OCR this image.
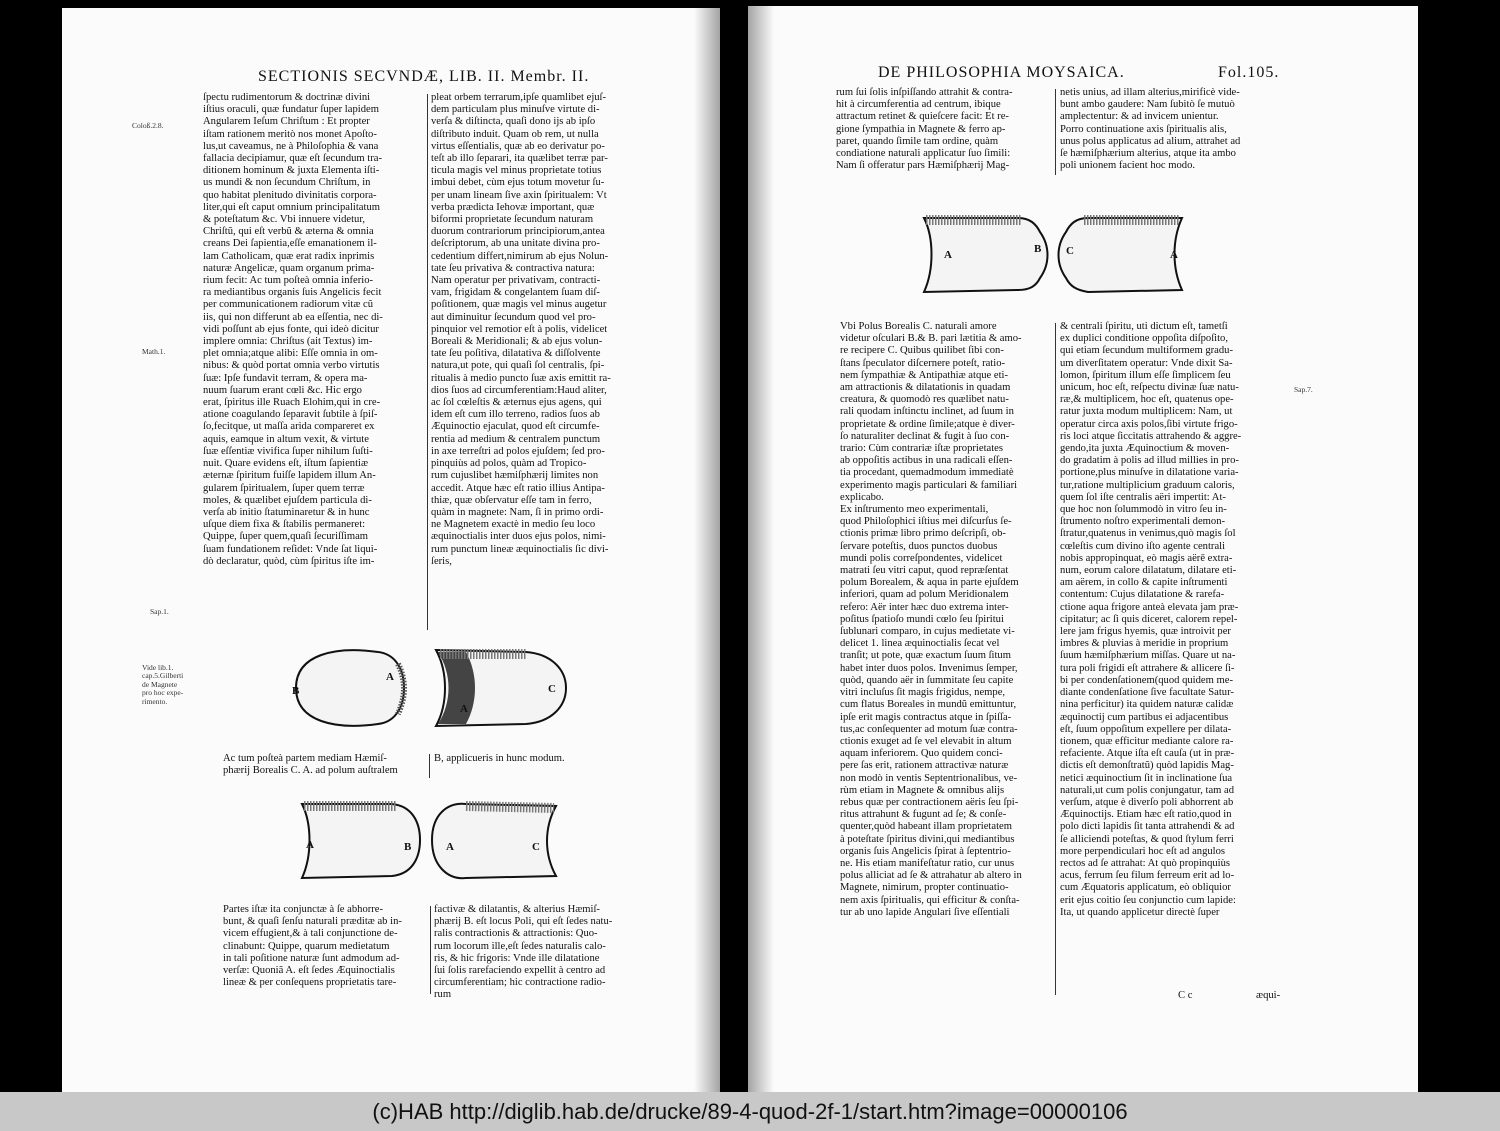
SECTIONIS SECVNDÆ, LIB. II. Membr. II.
Coloß.2.8.
Math.1.
Sap.1.
Vide lib.1.
cap.5.Gilberti
de Magnete
pro hoc expe-
rimento.
ſpectu rudimentorum & doctrinæ divini
iſtius oraculi, quæ fundatur ſuper lapidem
Angularem Ieſum Chriſtum : Et propter
iſtam rationem meritò nos monet Apoſto-
lus,ut caveamus, ne à Philoſophia & vana
fallacia decipiamur, quæ eſt ſecundum tra-
ditionem hominum & juxta Elementa iſti-
us mundi & non ſecundum Chriſtum, in
quo habitat plenitudo divinitatis corpora-
liter,qui eſt caput omnium principalitatum
& poteſtatum &c. Vbi innuere videtur,
Chriſtũ, qui eſt verbũ & æterna & omnia
creans Dei ſapientia,eſſe emanationem il-
lam Catholicam, quæ erat radix inprimis
naturæ Angelicæ, quam organum prima-
rium fecit: Ac tum poſteà omnia inferio-
ra mediantibus organis ſuis Angelicis fecit
per communicationem radiorum vitæ cũ
iis, qui non differunt ab ea eſſentia, nec di-
vidi poſſunt ab ejus fonte, qui ideò dicitur
implere omnia: Chriſtus (ait Textus) im-
plet omnia;atque alibi: Eſſe omnia in om-
nibus: & quòd portat omnia verbo virtutis
ſuæ: Ipſe fundavit terram, & opera ma-
nuum ſuarum erant cœli &c. Hic ergo
erat, ſpiritus ille Ruach Elohim,qui in cre-
atione coagulando ſeparavit ſubtile à ſpiſ-
ſo,fecitque, ut maſſa arida compareret ex
aquis, eamque in altum vexit, & virtute
ſuæ eſſentiæ vivifica ſuper nihilum ſuſti-
nuit. Quare evidens eſt, iſtum ſapientiæ
æternæ ſpiritum fuiſſe lapidem illum An-
gularem ſpiritualem, ſuper quem terræ
moles, & quælibet ejuſdem particula di-
verſa ab initio ſtatuminaretur & in hunc
uſque diem fixa & ſtabilis permaneret:
Quippe, ſuper quem,quaſi ſecuriſſimam
ſuam fundationem reſidet: Vnde ſat liqui-
dò declaratur, quòd, cùm ſpiritus iſte im-
pleat orbem terrarum,ipſe quamlibet ejuſ-
dem particulam plus minuſve virtute di-
verſa & diſtincta, quaſi dono ijs ab ipſo
diſtributo induit. Quam ob rem, ut nulla
virtus eſſentialis, quæ ab eo derivatur po-
teſt ab illo ſeparari, ita quælibet terræ par-
ticula magis vel minus proprietate totius
imbui debet, cùm ejus totum movetur ſu-
per unam lineam ſive axin ſpiritualem: Vt
verba prædicta Iehovæ important, quæ
biformi proprietate ſecundum naturam
duorum contrariorum principiorum,antea
deſcriptorum, ab una unitate divina pro-
cedentium differt,nimirum ab ejus Nolun-
tate ſeu privativa & contractiva natura:
Nam operatur per privativam, contracti-
vam, frigidam & congelantem ſuam diſ-
poſitionem, quæ magis vel minus augetur
aut diminuitur ſecundum quod vel pro-
pinquior vel remotior eſt à polis, videlicet
Boreali & Meridionali; & ab ejus volun-
tate ſeu poſitiva, dilatativa & diſſolvente
natura,ut pote, qui quaſi ſol centralis, ſpi-
ritualis à medio puncto ſuæ axis emittit ra-
dios ſuos ad circumferentiam:Haud aliter,
ac ſol cœleſtis & æternus ejus agens, qui
idem eſt cum illo terreno, radios ſuos ab
Æquinoctio ejaculat, quod eſt circumfe-
rentia ad medium & centralem punctum
in axe terreſtri ad polos ejuſdem; ſed pro-
pinquiùs ad polos, quàm ad Tropico-
rum cujuslibet hæmiſphærij limites non
accedit. Atque hæc eſt ratio illius Antipa-
thiæ, quæ obſervatur eſſe tam in ferro,
quàm in magnete: Nam, ſi in primo ordi-
ne Magnetem exactè in medio ſeu loco
æquinoctialis inter duos ejus polos, nimi-
rum punctum lineæ æquinoctialis ſic divi-
ſeris,
B
A
A
C
Ac tum poſteà partem mediam Hæmiſ-
phærij Borealis C. A. ad polum auſtralem
B, applicueris in hunc modum.
A	B	A	C
Partes iſtæ ita conjunctæ à ſe abhorre-
bunt, & quaſi ſenſu naturali præditæ ab in-
vicem effugient,& à tali conjunctione de-
clinabunt: Quippe, quarum medietatum
in tali poſitione naturæ ſunt admodum ad-
verſæ: Quoniã A. eſt ſedes Æquinoctialis
lineæ & per conſequens proprietatis tare-
factivæ & dilatantis, & alterius Hæmiſ-
phærij B. eſt locus Poli, qui eſt ſedes natu-
ralis contractionis & attractionis: Quo-
rum locorum ille,eſt ſedes naturalis calo-
ris, & hic frigoris: Vnde ille dilatatione
ſui ſolis rarefaciendo expellit à centro ad
circumferentiam; hic contractione radio-
rum
DE PHILOSOPHIA MOYSAICA.	Fol.105.
rum ſui ſolis inſpiſſando attrahit & contra-
hit à circumferentia ad centrum, ibique
attractum retinet & quieſcere facit: Et re-
gione ſympathia in Magnete & ferro ap-
paret, quando ſimile tam ordine, quàm
condiatione naturali applicatur ſuo ſimili:
Nam ſi offeratur pars Hæmiſphærij Mag-
netis unius, ad illam alterius,mirificè vide-
bunt ambo gaudere: Nam ſubitò ſe mutuò
amplectentur: & ad invicem unientur.
Porro continuatione axis ſpiritualis alis,
unus polus applicatus ad alium, attrahet ad
ſe hæmiſphærium alterius, atque ita ambo
poli unionem facient hoc modo.
A	B C	A
Vbi Polus Borealis C. naturali amore
videtur oſculari B.& B. pari lætitia & amo-
re recipere C. Quibus quilibet ſibi con-
ſtans ſpeculator diſcernere poteſt, ratio-
nem ſympathiæ & Antipathiæ atque eti-
am attractionis & dilatationis in quadam
creatura, & quomodò res quælibet natu-
rali quodam inſtinctu inclinet, ad ſuum in
proprietate & ordine ſimile;atque è diver-
ſo naturaliter declinat & fugit à ſuo con-
trario: Cùm contrariæ iſtæ proprietates
ab oppoſitis actibus in una radicali eſſen-
tia procedant, quemadmodum immediatè
experimento magis particulari & familiari
explicabo.
Ex inſtrumento meo experimentali,
quod Philoſophici iſtius mei diſcurſus ſe-
ctionis primæ libro primo deſcripſi, ob-
ſervare poteſtis, duos punctos duobus
mundi polis correſpondentes, videlicet
matrati ſeu vitri caput, quod repræſentat
polum Borealem, & aqua in parte ejuſdem
inferiori, quam ad polum Meridionalem
refero: Aër inter hæc duo extrema inter-
poſitus ſpatioſo mundi cœlo ſeu ſpiritui
ſublunari comparo, in cujus medietate vi-
delicet 1. linea æquinoctialis ſecat vel
tranſit; ut pote, quæ exactum ſuum ſitum
habet inter duos polos. Invenimus ſemper,
quòd, quando aër in ſummitate ſeu capite
vitri incluſus ſit magis frigidus, nempe,
cum flatus Boreales in mundũ emittuntur,
ipſe erit magis contractus atque in ſpiſſa-
tus,ac conſequenter ad motum ſuæ contra-
ctionis exuget ad ſe vel elevabit in altum
aquam inferiorem. Quo quidem conci-
pere ſas erit, rationem attractivæ naturæ
non modò in ventis Septentrionalibus, ve-
rùm etiam in Magnete & omnibus alijs
rebus quæ per contractionem aëris ſeu ſpi-
ritus attrahunt & fugunt ad ſe; & conſe-
quenter,quòd habeant illam proprietatem
à poteſtate ſpiritus divini,qui mediantibus
organis ſuis Angelicis ſpirat à ſeptentrio-
ne. His etiam manifeſtatur ratio, cur unus
polus alliciat ad ſe & attrahatur ab altero in
Magnete, nimirum, propter continuatio-
nem axis ſpiritualis, qui efficitur & conſta-
tur ab uno lapide Angulari ſive eſſentiali
& centrali ſpiritu, uti dictum eſt, tametſi
ex duplici conditione oppoſita diſpoſito,
qui etiam ſecundum multiformem gradu-
um diverſitatem operatur: Vnde dixit Sa-
lomon, ſpiritum illum eſſe ſimplicem ſeu
unicum, hoc eſt, reſpectu divinæ ſuæ natu-
ræ,& multiplicem, hoc eſt, quatenus ope-
ratur juxta modum multiplicem: Nam, ut
operatur circa axis polos,ſibi virtute frigo-
ris loci atque ſiccitatis attrahendo & aggre-
gendo,ita juxta Æquinoctium & moven-
do gradatim à polis ad illud millies in pro-
portione,plus minuſve in dilatatione varia-
tur,ratione multiplicium graduum caloris,
quem ſol iſte centralis aëri impertit: At-
que hoc non ſolummodò in vitro ſeu in-
ſtrumento noſtro experimentali demon-
ſtratur,quatenus in venimus,quò magis ſol
cœleſtis cum divino iſto agente centrali
nobis appropinquat, eò magis aërē extra-
num, eorum calore dilatatum, dilatare eti-
am aërem, in collo & capite inſtrumenti
contentum: Cujus dilatatione & rarefa-
ctione aqua frigore anteà elevata jam præ-
cipitatur; ac ſi quis diceret, calorem repel-
lere jam frigus hyemis, quæ introivit per
imbres & pluvias à meridie in proprium
ſuum hæmiſphærium miſſas. Quare ut na-
tura poli frigidi eſt attrahere & allicere ſi-
bi per condenſationem(quod quidem me-
diante condenſatione ſive facultate Satur-
nina perficitur) ita quidem naturæ calidæ
æquinoctij cum partibus ei adjacentibus
eſt, ſuum oppoſitum expellere per dilata-
tionem, quæ efficitur mediante calore ra-
refaciente. Atque iſta eſt cauſa (ut in præ-
dictis eſt demonſtratũ) quòd lapidis Mag-
netici æquinoctium ſit in inclinatione ſua
naturali,ut cum polis conjungatur, tam ad
verſum, atque è diverſo poli abhorrent ab
Æquinoctijs. Etiam hæc eſt ratio,quod in
polo dicti lapidis ſit tanta attrahendi & ad
ſe alliciendi poteſtas, & quod ſtylum ferri
more perpendiculari hoc eſt ad angulos
rectos ad ſe attrahat: At quò propinquiùs
acus, ferrum ſeu filum ferreum erit ad lo-
cum Æquatoris applicatum, eò obliquior
erit ejus coitio ſeu conjunctio cum lapide:
Ita, ut quando applicetur directè ſuper
Sap.7.
C c	æqui-
(c)HAB http://diglib.hab.de/drucke/89-4-quod-2f-1/start.htm?image=00000106
